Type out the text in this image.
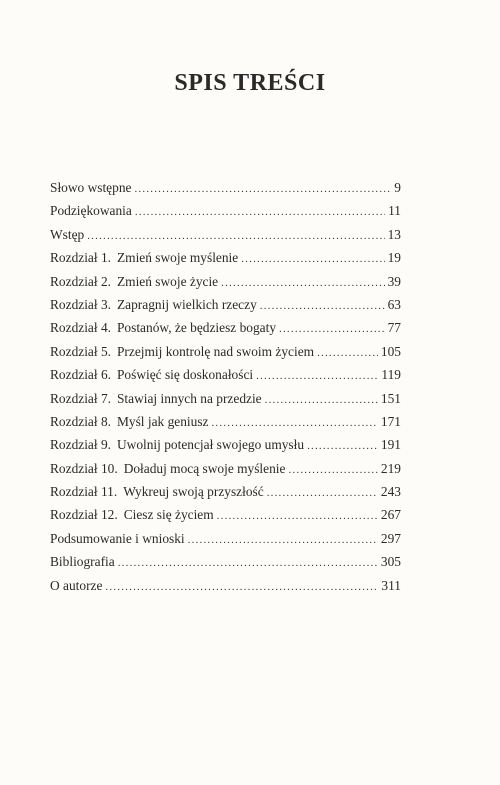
SPIS TREŚCI
Słowo wstępne .....	9
Podziękowania .....	11
Wstęp .....	13
Rozdział 1. Zmień swoje myślenie .....	19
Rozdział 2. Zmień swoje życie .....	39
Rozdział 3. Zapragnij wielkich rzeczy .....	63
Rozdział 4. Postanów, że będziesz bogaty .....	77
Rozdział 5. Przejmij kontrolę nad swoim życiem .....	105
Rozdział 6. Poświęć się doskonałości .....	119
Rozdział 7. Stawiaj innych na przedzie .....	151
Rozdział 8. Myśl jak geniusz .....	171
Rozdział 9. Uwolnij potencjał swojego umysłu .....	191
Rozdział 10. Doładuj mocą swoje myślenie .....	219
Rozdział 11. Wykreuj swoją przyszłość .....	243
Rozdział 12. Ciesz się życiem .....	267
Podsumowanie i wnioski .....	297
Bibliografia .....	305
O autorze .....	311
